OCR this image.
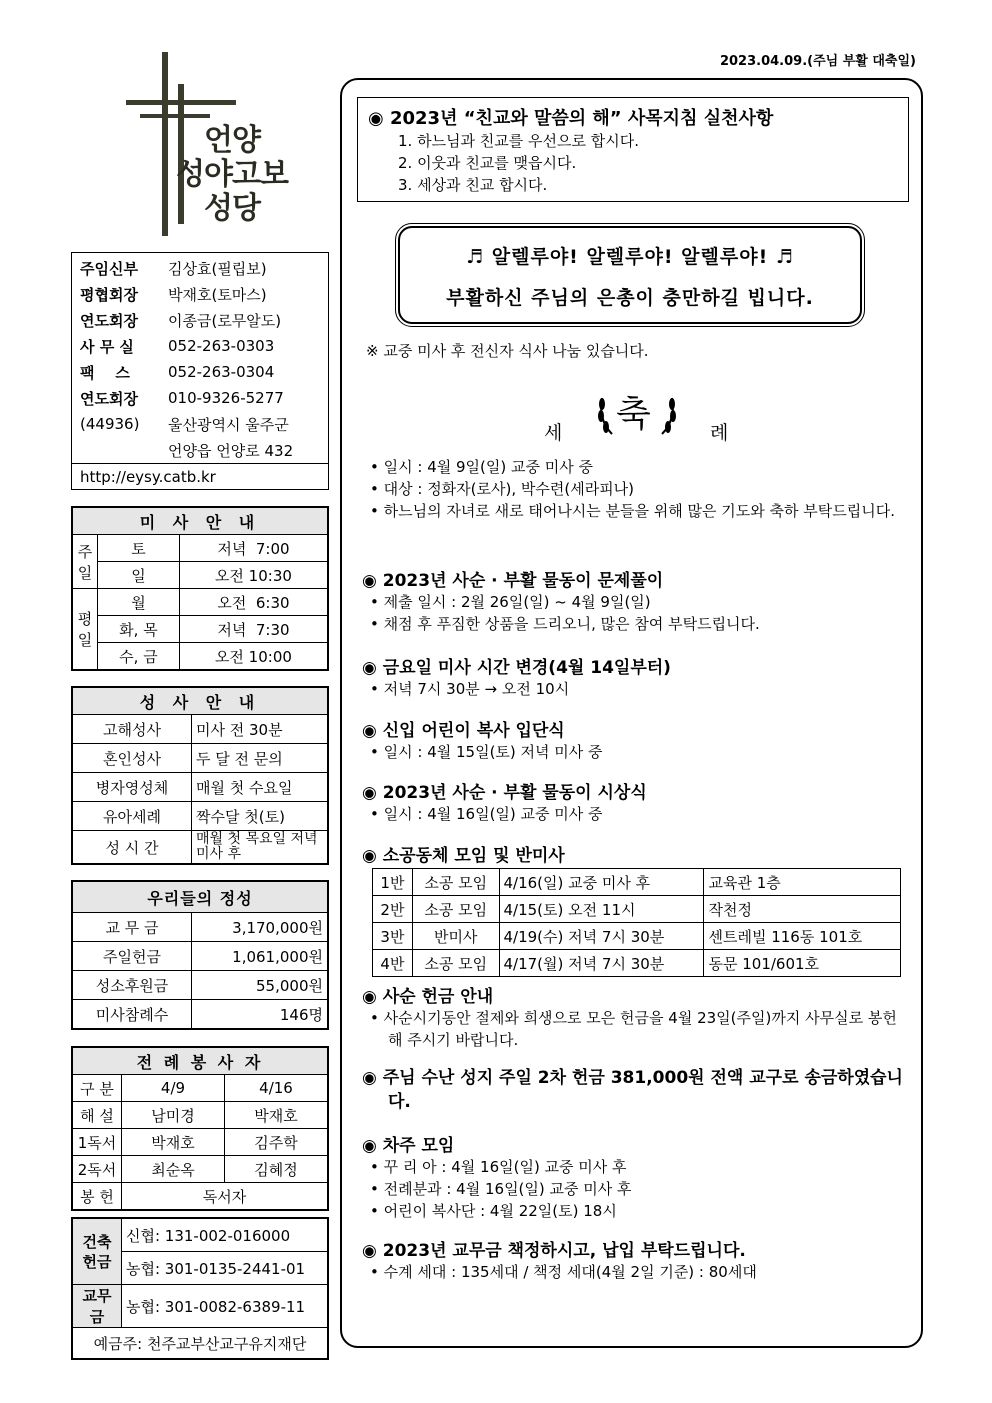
2023.04.09.(주님 부활 대축일)
언양
성야고보
성당
주임신부	김상효(필립보)
평협회장	박재호(토마스)
연도회장	이종금(로무알도)
사 무 실	052-263-0303
팩    스	052-263-0304
연도회장	010-9326-5277
(44936)	울산광역시 울주군
언양읍 언양로 432
http://eysy.catb.kr
미 사 안 내		
주일	토	저녁  7:00
	일	오전 10:30
평일	월	오전  6:30
	화, 목	저녁  7:30
	수, 금	오전 10:00
성 사 안 내	
고해성사	미사 전 30분
혼인성사	두 달 전 문의
병자영성체	매월 첫 수요일
유아세례	짝수달 첫(토)
성 시 간	매월 첫 목요일 저녁미사 후
우리들의 정성	
교 무 금	3,170,000원
주일헌금	1,061,000원
성소후원금	55,000원
미사참례수	146명
전 례 봉 사 자		
구 분	4/9	4/16
해 설	남미경	박재호
1독서	박재호	김주학
2독서	최순옥	김혜정
봉 헌	독서자	
건축
헌금	신협: 131-002-016000
	농협: 301-0135-2441-01
교무금	농협: 301-0082-6389-11
예금주: 천주교부산교구유지재단	
◉ 2023년 “친교와 말씀의 해” 사목지침 실천사항
1. 하느님과 친교를 우선으로 합시다.
2. 이웃과 친교를 맺읍시다.
3. 세상과 친교 합시다.
♬ 알렐루야! 알렐루야! 알렐루야! ♬
부활하신 주님의 은총이 충만하길 빕니다.
※ 교중 미사 후 전신자 식사 나눔 있습니다.
세 축	례
• 일시 : 4월 9일(일) 교중 미사 중
• 대상 : 정화자(로사), 박수련(세라피나)
• 하느님의 자녀로 새로 태어나시는 분들을 위해 많은 기도와 축하 부탁드립니다.
◉ 2023년 사순 · 부활 물동이 문제풀이
• 제출 일시 : 2월 26일(일) ~ 4월 9일(일)
• 채점 후 푸짐한 상품을 드리오니, 많은 참여 부탁드립니다.
◉ 금요일 미사 시간 변경(4월 14일부터)
• 저녁 7시 30분 → 오전 10시
◉ 신입 어린이 복사 입단식
• 일시 : 4월 15일(토) 저녁 미사 중
◉ 2023년 사순 · 부활 물동이 시상식
• 일시 : 4월 16일(일) 교중 미사 중
◉ 소공동체 모임 및 반미사
1반	소공 모임	4/16(일) 교중 미사 후	교육관 1층
2반	소공 모임	4/15(토) 오전 11시	작천정
3반	반미사	4/19(수) 저녁 7시 30분	센트레빌 116동 101호
4반	소공 모임	4/17(월) 저녁 7시 30분	동문 101/601호
◉ 사순 헌금 안내
• 사순시기동안 절제와 희생으로 모은 헌금을 4월 23일(주일)까지 사무실로 봉헌해 주시기 바랍니다.
◉ 주님 수난 성지 주일 2차 헌금 381,000원 전액 교구로 송금하였습니다.
◉ 차주 모임
• 꾸 리 아 : 4월 16일(일) 교중 미사 후
• 전례분과 : 4월 16일(일) 교중 미사 후
• 어린이 복사단 : 4월 22일(토) 18시
◉ 2023년 교무금 책정하시고, 납입 부탁드립니다.
• 수계 세대 : 135세대 / 책정 세대(4월 2일 기준) : 80세대
